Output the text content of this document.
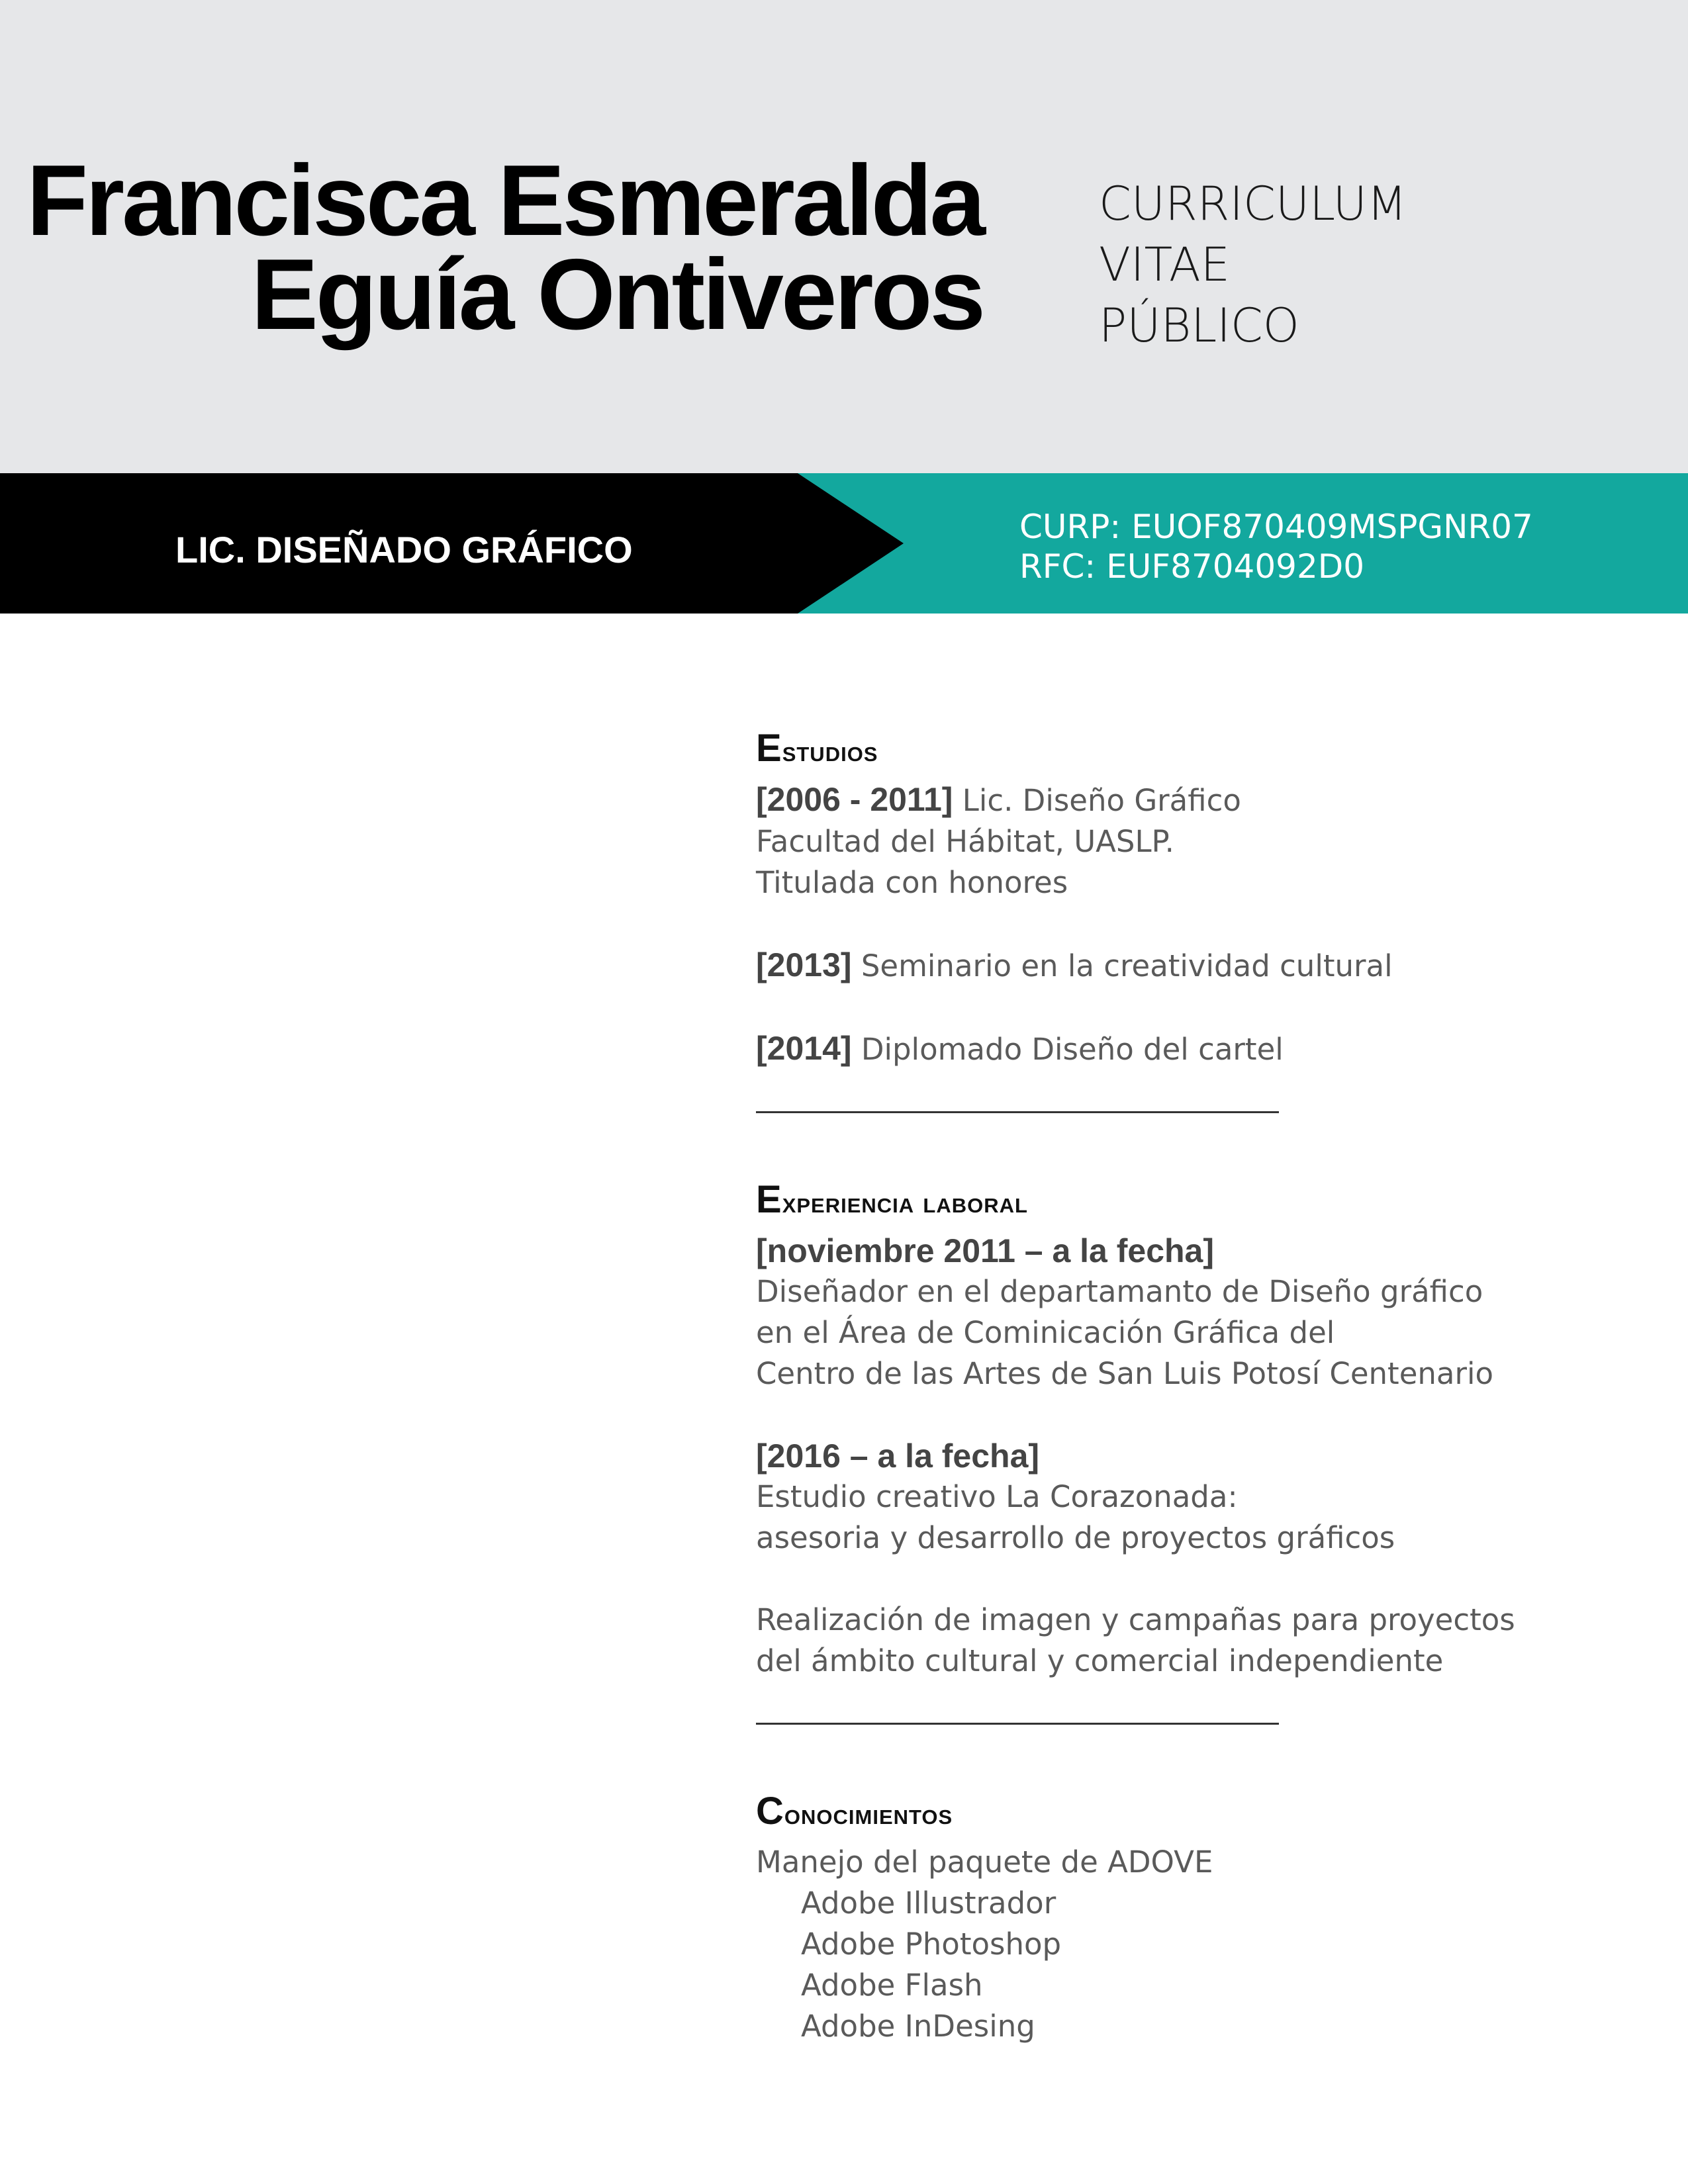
Francisca Esmeralda
Eguía Ontiveros
CURRICULUM
VITAE
PÚBLICO
LIC. DISEÑADO GRÁFICO
CURP: EUOF870409MSPGNR07
RFC: EUF8704092D0
Estudios
[2006 - 2011] Lic. Diseño Gráfico
Facultad del Hábitat, UASLP.
Titulada con honores
[2013] Seminario en la creatividad cultural
[2014] Diplomado Diseño del cartel
Experiencia laboral
[noviembre 2011 – a la fecha]
Diseñador en el departamanto de Diseño gráfico
en el Área de Cominicación Gráfica del
Centro de las Artes de San Luis Potosí Centenario
[2016 – a la fecha]
Estudio creativo La Corazonada:
asesoria y desarrollo de proyectos gráficos
Realización de imagen y campañas para proyectos
del ámbito cultural y comercial independiente
Conocimientos
Manejo del paquete de ADOVE
Adobe Illustrador
Adobe Photoshop
Adobe Flash
Adobe InDesing
